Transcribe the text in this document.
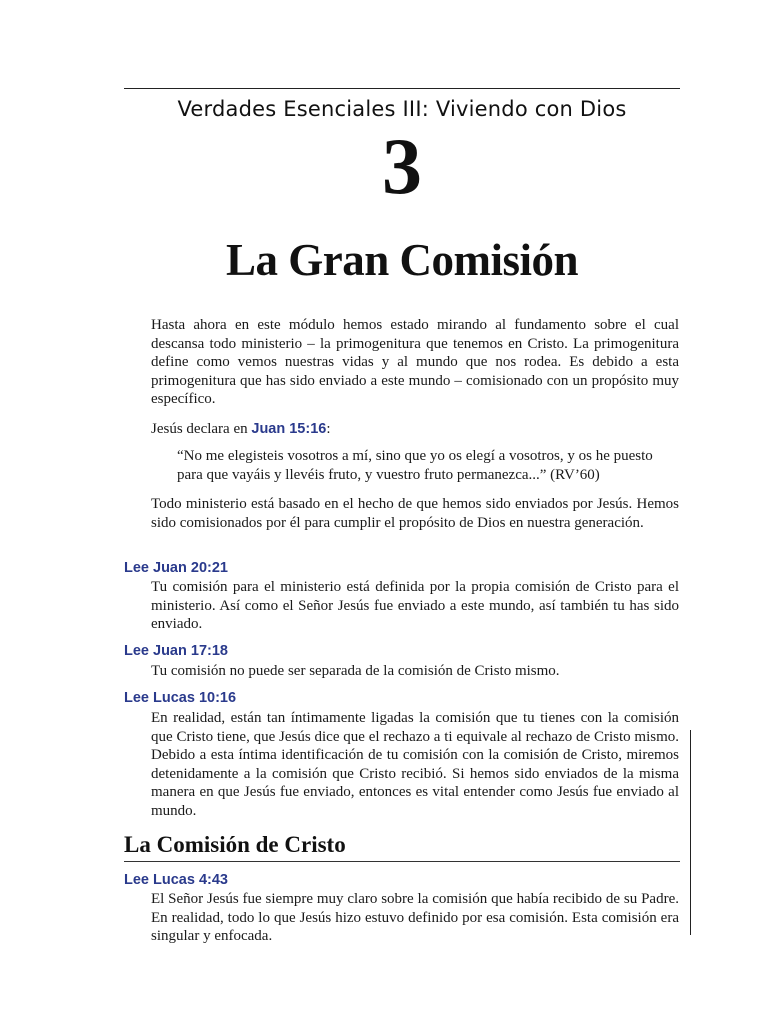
Verdades Esenciales III: Viviendo con Dios
3
La Gran Comisión

Hasta ahora en este módulo hemos estado mirando al fundamento sobre el cual descansa todo ministerio – la primogenitura que tenemos en Cristo. La primogenitura define como vemos nuestras vidas y al mundo que nos rodea. Es debido a esta primogenitura que has sido enviado a este mundo – comisionado con un propósito muy específico.

Jesús declara en Juan 15:16:

“No me elegisteis vosotros a mí, sino que yo os elegí a vosotros, y os he puesto
para que vayáis y llevéis fruto, y vuestro fruto permanezca...” (RV’60)

Todo ministerio está basado en el hecho de que hemos sido enviados por Jesús. Hemos sido comisionados por él para cumplir el propósito de Dios en nuestra generación.

Lee Juan 20:21

Tu comisión para el ministerio está definida por la propia comisión de Cristo para el ministerio. Así como el Señor Jesús fue enviado a este mundo, así también tu has sido enviado.

Lee Juan 17:18

Tu comisión no puede ser separada de la comisión de Cristo mismo.

Lee Lucas 10:16

En realidad, están tan íntimamente ligadas la comisión que tu tienes con la comisión que Cristo tiene, que Jesús dice que el rechazo a ti equivale al rechazo de Cristo mismo. Debido a esta íntima identificación de tu comisión con la comisión de Cristo, miremos detenidamente a la comisión que Cristo recibió. Si hemos sido enviados de la misma manera en que Jesús fue enviado, entonces es vital entender como Jesús fue enviado al mundo.

La Comisión de Cristo
Lee Lucas 4:43

El Señor Jesús fue siempre muy claro sobre la comisión que había recibido de su Padre. En realidad, todo lo que Jesús hizo estuvo definido por esa comisión. Esta comisión era singular y enfocada.
